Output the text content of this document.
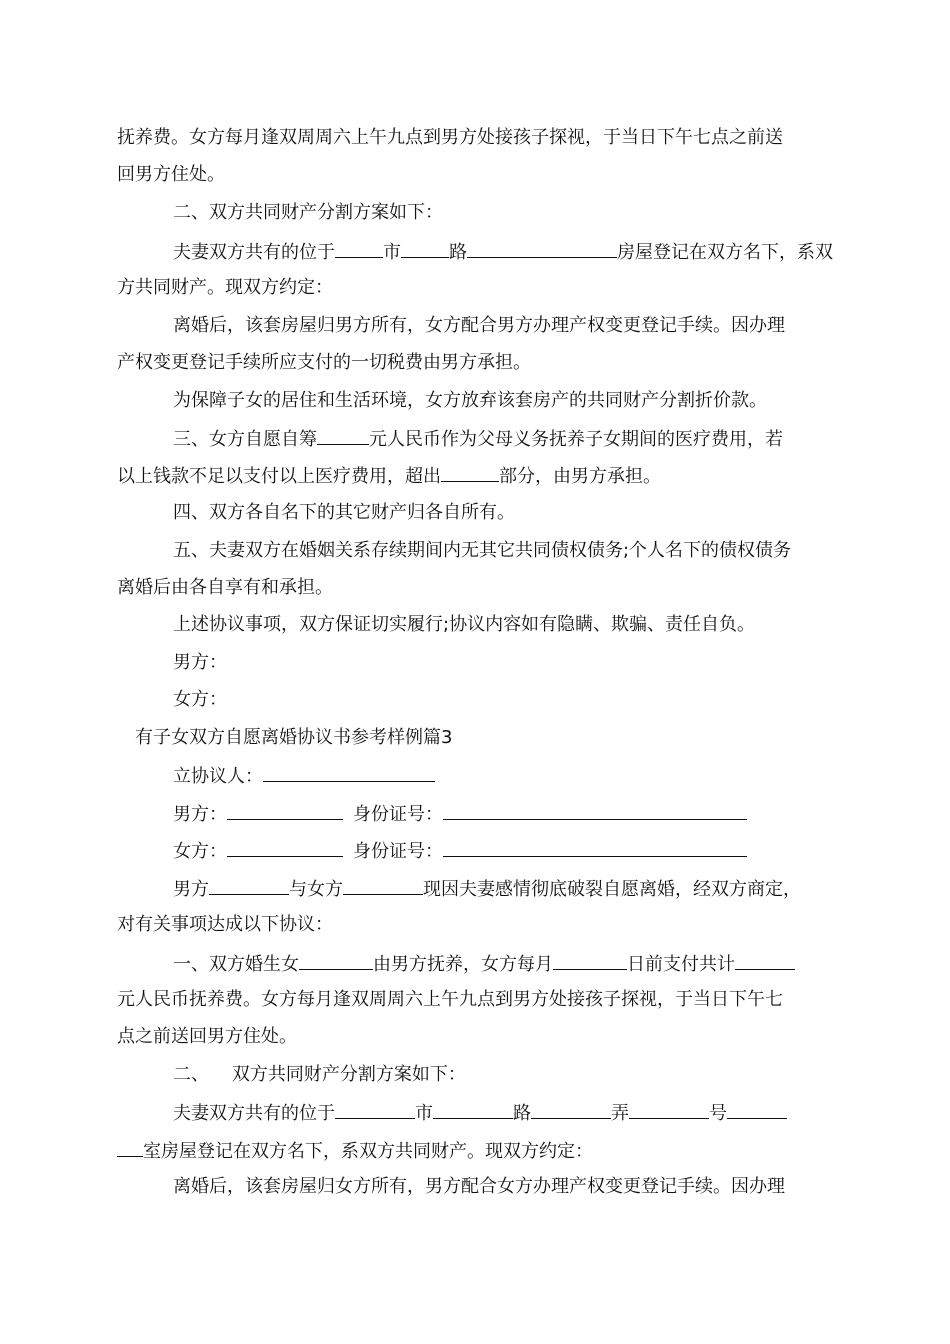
抚养费。女方每月逢双周周六上午九点到男方处接孩子探视，于当日下午七点之前送
回男方住处。
二、双方共同财产分割方案如下：
夫妻双方共有的位于	市	路	房屋登记在双方名下，系双
方共同财产。现双方约定：
离婚后，该套房屋归男方所有，女方配合男方办理产权变更登记手续。因办理
产权变更登记手续所应支付的一切税费由男方承担。
为保障子女的居住和生活环境，女方放弃该套房产的共同财产分割折价款。
三、女方自愿自筹	元人民币作为父母义务抚养子女期间的医疗费用，若
以上钱款不足以支付以上医疗费用，超出	部分，由男方承担。
四、双方各自名下的其它财产归各自所有。
五、夫妻双方在婚姻关系存续期间内无其它共同债权债务;个人名下的债权债务
离婚后由各自享有和承担。
上述协议事项，双方保证切实履行;协议内容如有隐瞒、欺骗、责任自负。
男方：
女方：
有子女双方自愿离婚协议书参考样例篇3
立协议人：
男方：	身份证号：
女方：	身份证号：
男方	与女方	现因夫妻感情彻底破裂自愿离婚，经双方商定，
对有关事项达成以下协议：
一、双方婚生女	由男方抚养，女方每月	日前支付共计
元人民币抚养费。女方每月逢双周周六上午九点到男方处接孩子探视，于当日下午七
点之前送回男方住处。
二、    双方共同财产分割方案如下：
夫妻双方共有的位于	市	路	弄	号
室房屋登记在双方名下，系双方共同财产。现双方约定：
离婚后，该套房屋归女方所有，男方配合女方办理产权变更登记手续。因办理
